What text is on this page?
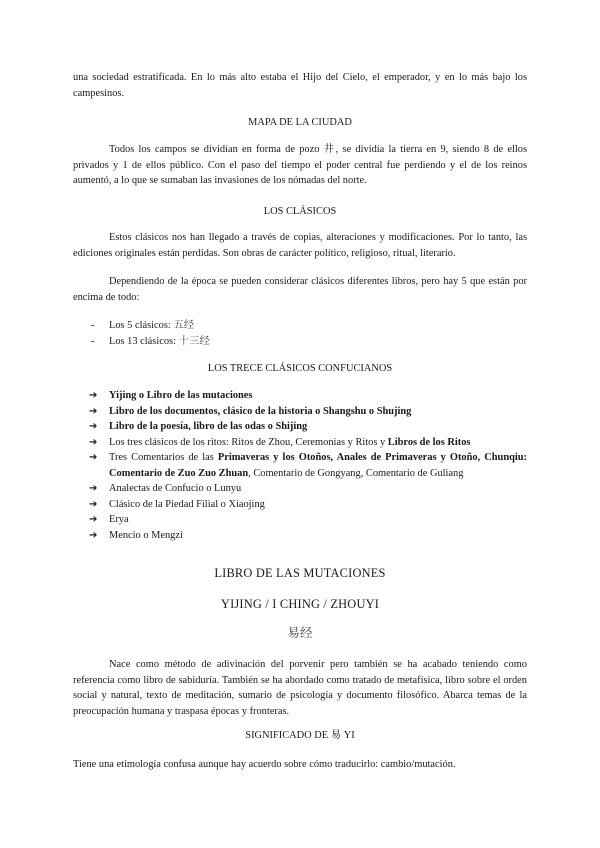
una sociedad estratificada. En lo más alto estaba el Hijo del Cielo, el emperador, y en lo más bajo los campesinos.

MAPA DE LA CIUDAD

Todos los campos se dividían en forma de pozo 井, se dividía la tierra en 9, siendo 8 de ellos privados y 1 de ellos público. Con el paso del tiempo el poder central fue perdiendo y el de los reinos aumentó, a lo que se sumaban las invasiones de los nómadas del norte.

LOS CLÁSICOS

Estos clásicos nos han llegado a través de copias, alteraciones y modificaciones. Por lo tanto, las ediciones originales están perdidas. Son obras de carácter político, religioso, ritual, literario.

Dependiendo de la época se pueden considerar clásicos diferentes libros, pero hay 5 que están por encima de todo:

- Los 5 clásicos: 五经
- Los 13 clásicos: 十三经

LOS TRECE CLÁSICOS CONFUCIANOS

➔ Yijing o Libro de las mutaciones
➔ Libro de los documentos, clásico de la historia o Shangshu o Shujing
➔ Libro de la poesía, libro de las odas o Shijing
➔ Los tres clásicos de los ritos: Ritos de Zhou, Ceremonias y Ritos y Libros de los Ritos
➔ Tres Comentarios de las Primaveras y los Otoños, Anales de Primaveras y Otoño, Chunqiu: Comentario de Zuo Zuo Zhuan, Comentario de Gongyang, Comentario de Guliang
➔ Analectas de Confucio o Lunyu
➔ Clásico de la Piedad Filial o Xiaojing
➔ Erya
➔ Mencio o Mengzi

LIBRO DE LAS MUTACIONES

YIJING / I CHING / ZHOUYI

易经

Nace como método de adivinación del porvenir pero también se ha acabado teniendo como referencia como libro de sabiduría. También se ha abordado como tratado de metafísica, libro sobre el orden social y natural, texto de meditación, sumario de psicología y documento filosófico. Abarca temas de la preocupación humana y traspasa épocas y fronteras.

SIGNIFICADO DE 易 YI

Tiene una etimología confusa aunque hay acuerdo sobre cómo traducirlo: cambio/mutación.
